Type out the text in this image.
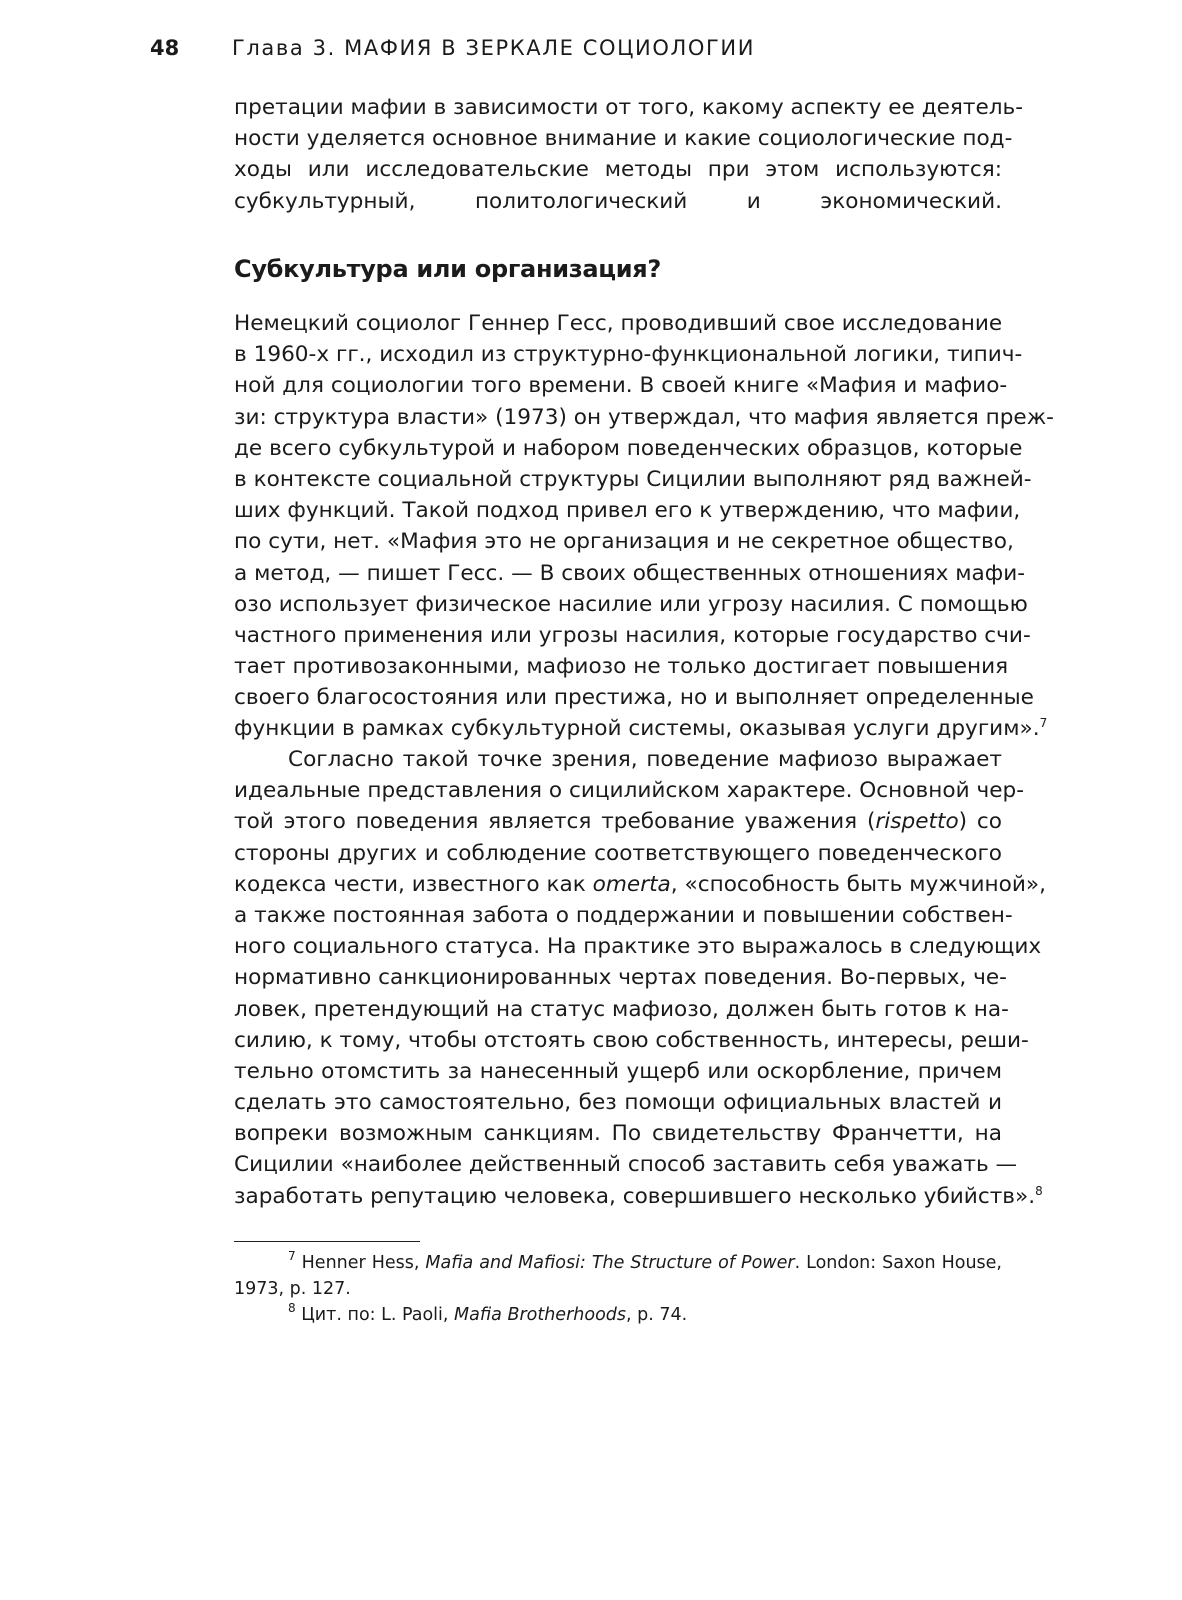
48	Глава 3. МАФИЯ В ЗЕРКАЛЕ СОЦИОЛОГИИ
претации мафии в зависимости от того, какому аспекту ее деятель-
ности уделяется основное внимание и какие социологические под-
ходы или исследовательские методы при этом используются:
субкультурный, политологический и экономический.
Субкультура или организация?
Немецкий социолог Геннер Гесс, проводивший свое исследование
в 1960-х гг., исходил из структурно-функциональной логики, типич-
ной для социологии того времени. В своей книге «Мафия и мафио-
зи: структура власти» (1973) он утверждал, что мафия является преж-
де всего субкультурой и набором поведенческих образцов, которые
в контексте социальной структуры Сицилии выполняют ряд важней-
ших функций. Такой подход привел его к утверждению, что мафии,
по сути, нет. «Мафия это не организация и не секретное общество,
а метод, — пишет Гесс. — В своих общественных отношениях мафи-
озо использует физическое насилие или угрозу насилия. С помощью
частного применения или угрозы насилия, которые государство счи-
тает противозаконными, мафиозо не только достигает повышения
своего благосостояния или престижа, но и выполняет определенные
функции в рамках субкультурной системы, оказывая услуги другим».$^7$
Согласно такой точке зрения, поведение мафиозо выражает
идеальные представления о сицилийском характере. Основной чер-
той этого поведения является требование уважения (rispetto) со
стороны других и соблюдение соответствующего поведенческого
кодекса чести, известного как omerta, «способность быть мужчиной»,
а также постоянная забота о поддержании и повышении собствен-
ного социального статуса. На практике это выражалось в следующих
нормативно санкционированных чертах поведения. Во-первых, че-
ловек, претендующий на статус мафиозо, должен быть готов к на-
силию, к тому, чтобы отстоять свою собственность, интересы, реши-
тельно отомстить за нанесенный ущерб или оскорбление, причем
сделать это самостоятельно, без помощи официальных властей и
вопреки возможным санкциям. По свидетельству Франчетти, на
Сицилии «наиболее действенный способ заставить себя уважать —
заработать репутацию человека, совершившего несколько убийств».$^8$
$^7$ Henner Hess, Mafia and Mafiosi: The Structure of Power. London: Saxon House,
1973, p. 127.
$^8$ Цит. по: L. Paoli, Mafia Brotherhoods, p. 74.
